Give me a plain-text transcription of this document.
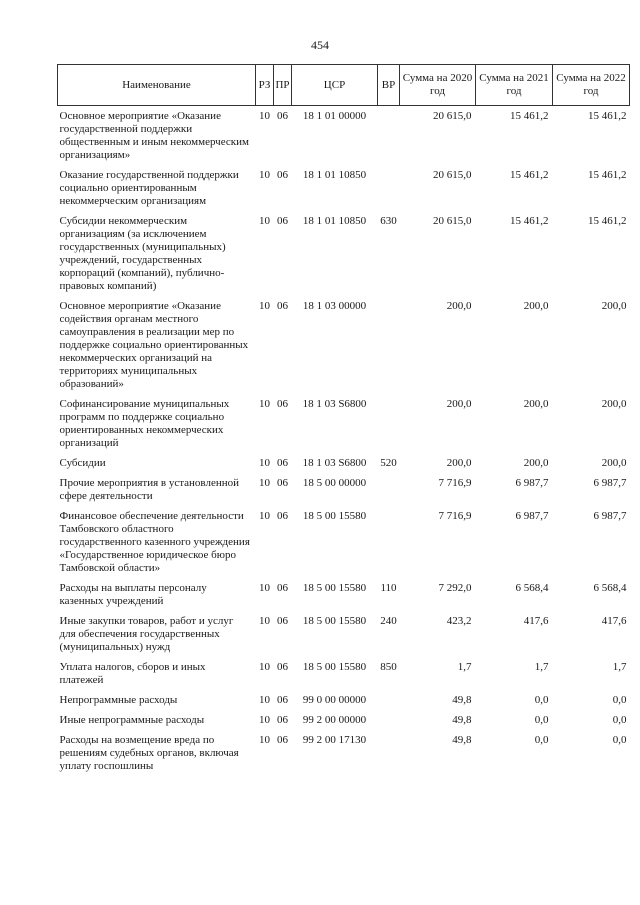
454
Наименование	РЗ	ПР	ЦСР	ВР	Сумма на 2020 год	Сумма на 2021 год	Сумма на 2022 год
Основное мероприятие «Оказание государственной поддержки общественным и иным некоммерческим организациям»	10	06	18 1 01 00000		20 615,0	15 461,2	15 461,2
Оказание государственной поддержки социально ориентированным некоммерческим организациям	10	06	18 1 01 10850		20 615,0	15 461,2	15 461,2
Субсидии некоммерческим организациям (за исключением государственных (муниципальных) учреждений, государственных корпораций (компаний), публично-правовых компаний)	10	06	18 1 01 10850	630	20 615,0	15 461,2	15 461,2
Основное мероприятие «Оказание содействия органам местного самоуправления в реализации мер по поддержке социально ориентированных некоммерческих организаций на территориях муниципальных образований»	10	06	18 1 03 00000		200,0	200,0	200,0
Софинансирование муниципальных программ по поддержке социально ориентированных некоммерческих организаций	10	06	18 1 03 S6800		200,0	200,0	200,0
Субсидии	10	06	18 1 03 S6800	520	200,0	200,0	200,0
Прочие мероприятия в установленной сфере деятельности	10	06	18 5 00 00000		7 716,9	6 987,7	6 987,7
Финансовое обеспечение деятельности Тамбовского областного государственного казенного учреждения «Государственное юридическое бюро Тамбовской области»	10	06	18 5 00 15580		7 716,9	6 987,7	6 987,7
Расходы на выплаты персоналу казенных учреждений	10	06	18 5 00 15580	110	7 292,0	6 568,4	6 568,4
Иные закупки товаров, работ и услуг для обеспечения государственных (муниципальных) нужд	10	06	18 5 00 15580	240	423,2	417,6	417,6
Уплата налогов, сборов и иных платежей	10	06	18 5 00 15580	850	1,7	1,7	1,7
Непрограммные расходы	10	06	99 0 00 00000		49,8	0,0	0,0
Иные непрограммные расходы	10	06	99 2 00 00000		49,8	0,0	0,0
Расходы на возмещение вреда по решениям судебных органов, включая уплату госпошлины	10	06	99 2 00 17130		49,8	0,0	0,0
